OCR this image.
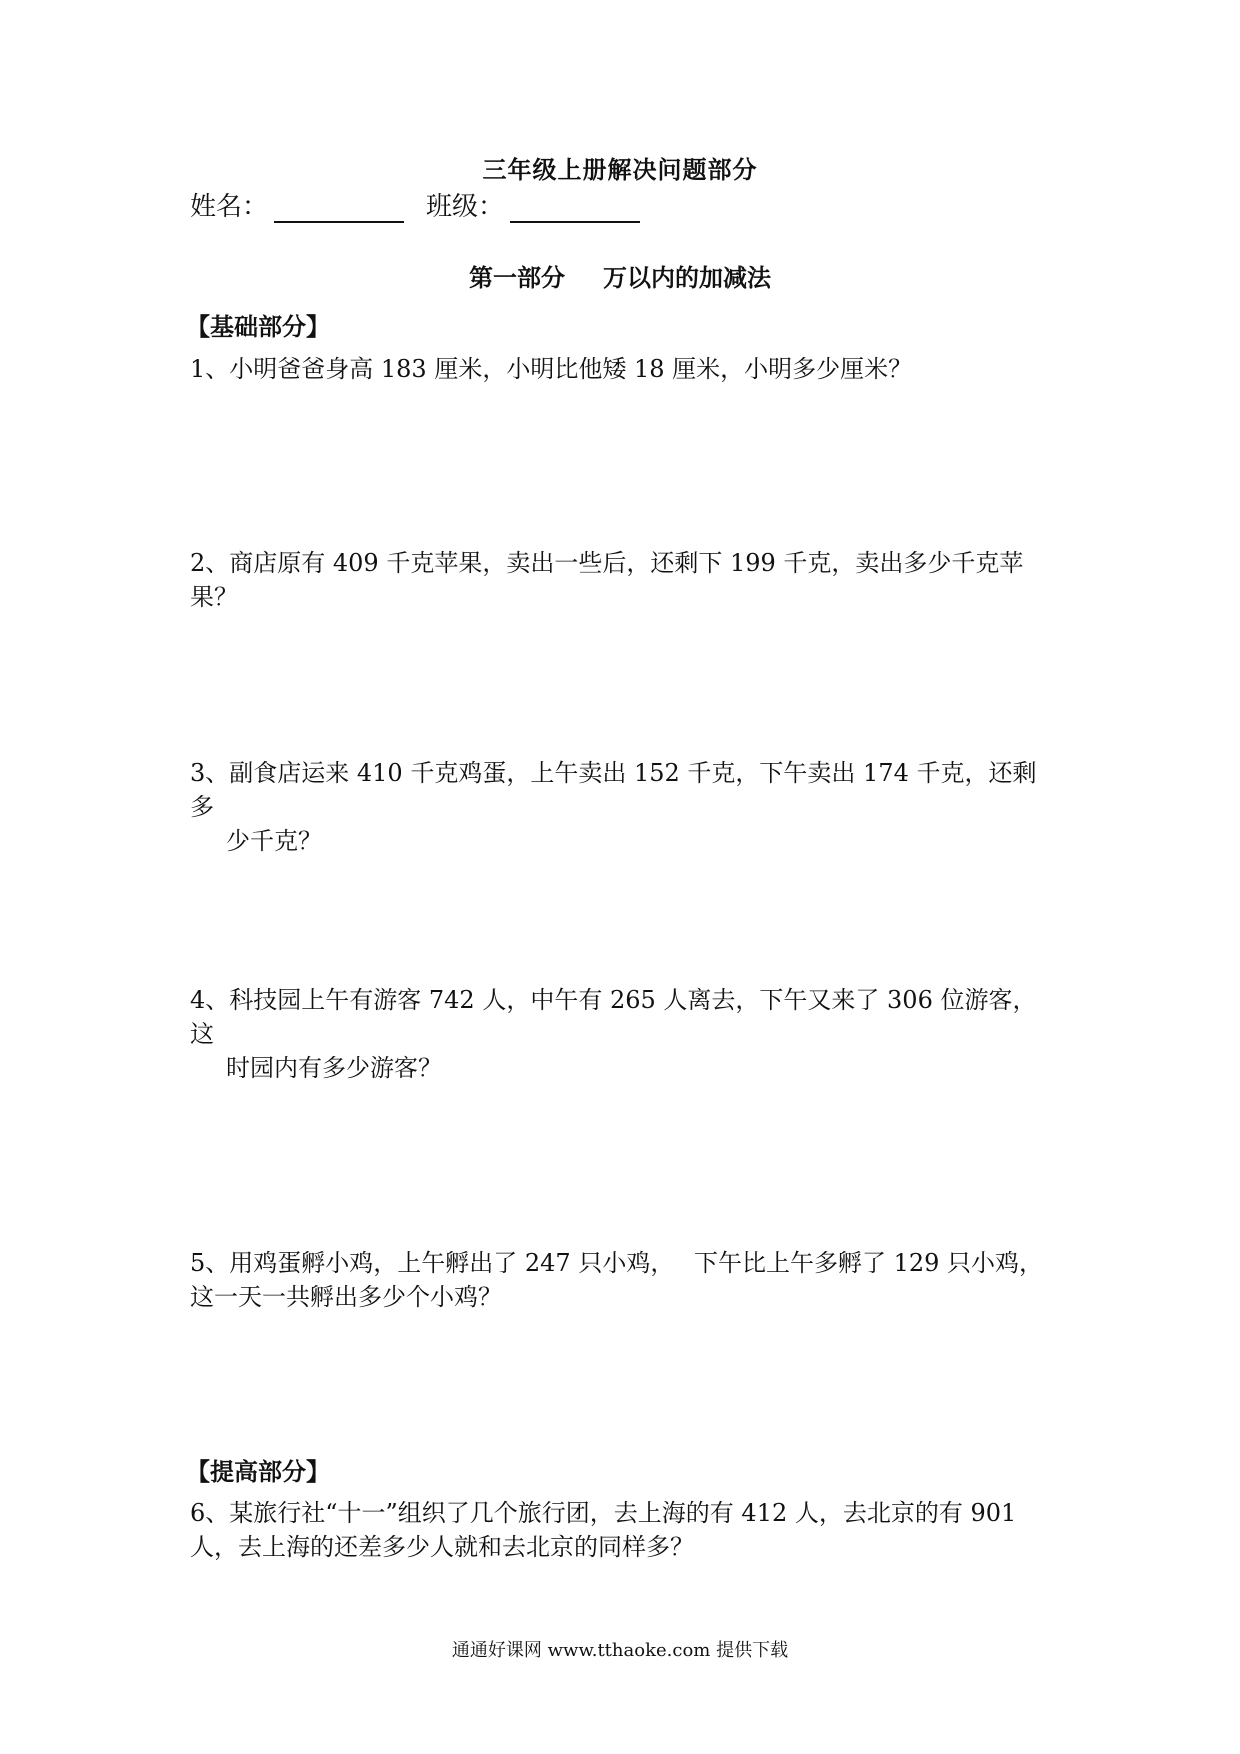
三年级上册解决问题部分
姓名：	班级：
第一部分 万以内的加减法
【基础部分】
1、小明爸爸身高 183 厘米，小明比他矮 18 厘米，小明多少厘米？
2、商店原有 409 千克苹果，卖出一些后，还剩下 199 千克，卖出多少千克苹果？
3、副食店运来 410 千克鸡蛋，上午卖出 152 千克，下午卖出 174 千克，还剩多
少千克？
4、科技园上午有游客 742 人，中午有 265 人离去，下午又来了 306 位游客，这
时园内有多少游客？
5、用鸡蛋孵小鸡，上午孵出了 247 只小鸡，　 下午比上午多孵了 129 只小鸡，
这一天一共孵出多少个小鸡？
【提高部分】
6、某旅行社“十一”组织了几个旅行团，去上海的有 412 人，去北京的有 901
人，去上海的还差多少人就和去北京的同样多？
通通好课网 www.tthaoke.com 提供下载
